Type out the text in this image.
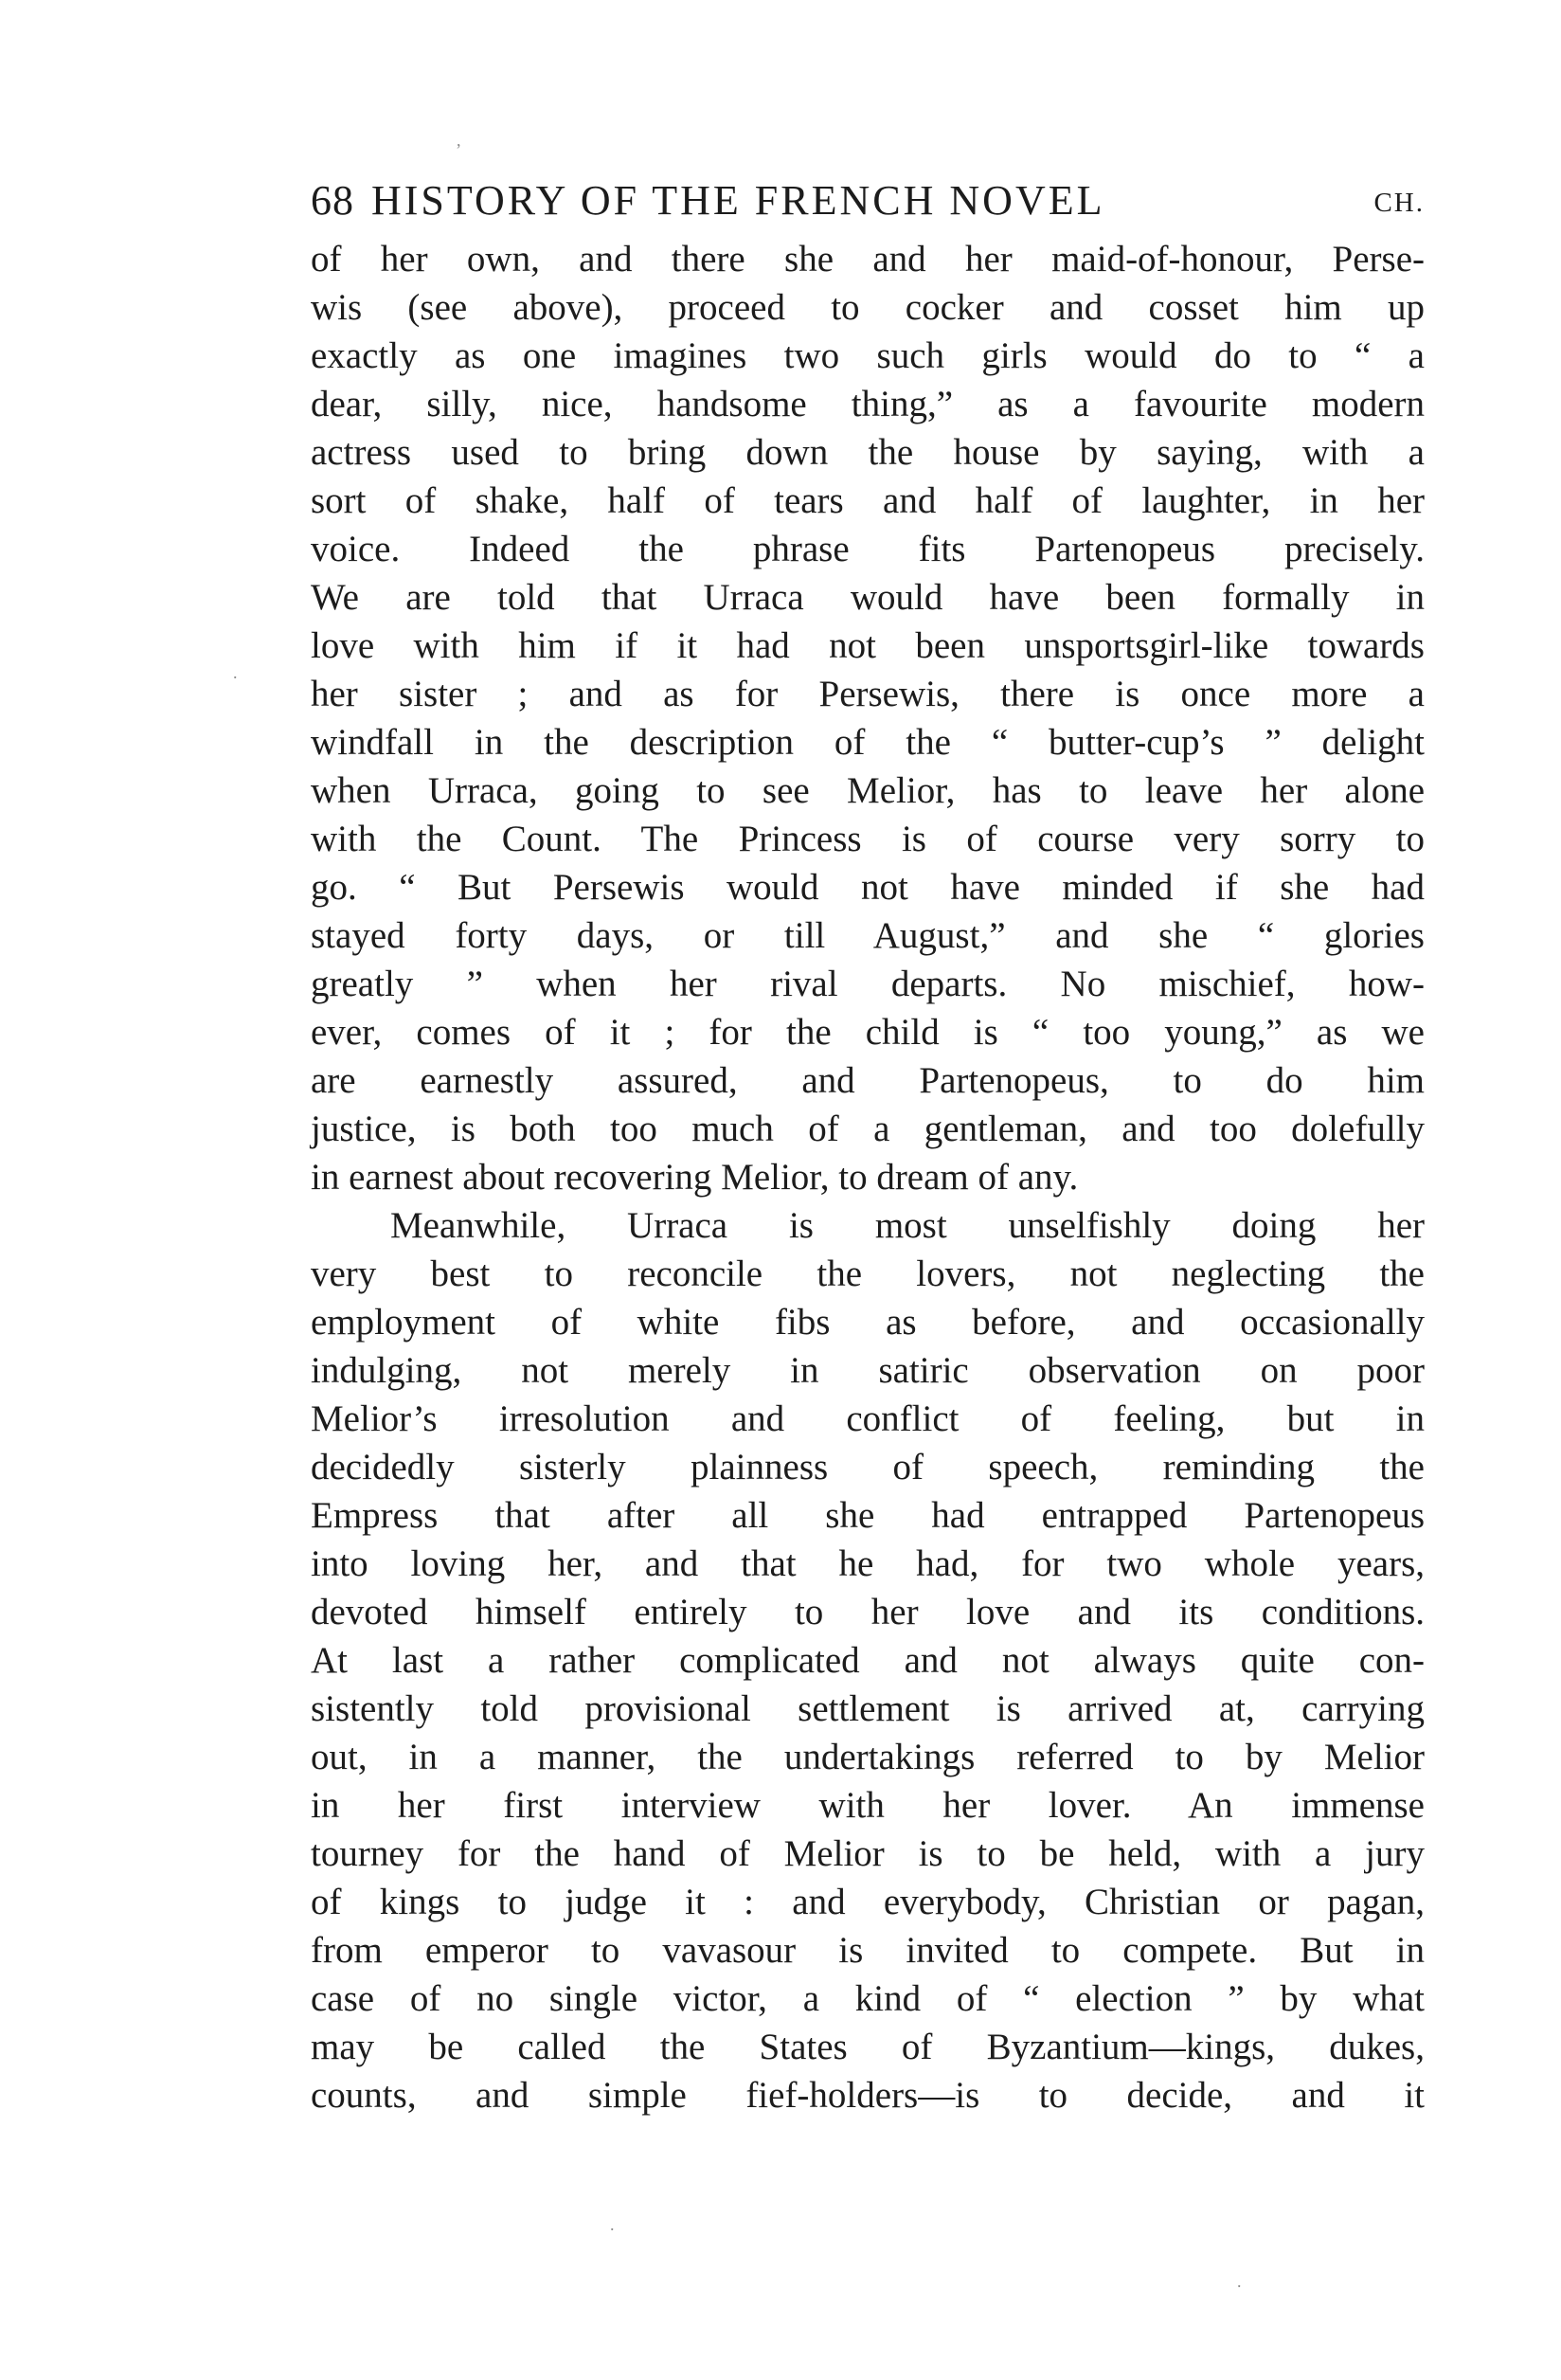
68 HISTORY OF THE FRENCH NOVEL	CH.
of her own, and there she and her maid-of-honour, Perse-
wis (see above), proceed to cocker and cosset him up
exactly as one imagines two such girls would do to “ a
dear, silly, nice, handsome thing,” as a favourite modern
actress used to bring down the house by saying, with a
sort of shake, half of tears and half of laughter, in her
voice. Indeed the phrase fits Partenopeus precisely.
We are told that Urraca would have been formally in
love with him if it had not been unsportsgirl-like towards
her sister ; and as for Persewis, there is once more a
windfall in the description of the “ butter-cup’s ” delight
when Urraca, going to see Melior, has to leave her alone
with the Count. The Princess is of course very sorry to
go. “ But Persewis would not have minded if she had
stayed forty days, or till August,” and she “ glories
greatly ” when her rival departs. No mischief, how-
ever, comes of it ; for the child is “ too young,” as we
are earnestly assured, and Partenopeus, to do him
justice, is both too much of a gentleman, and too dolefully
in earnest about recovering Melior, to dream of any.
Meanwhile, Urraca is most unselfishly doing her
very best to reconcile the lovers, not neglecting the
employment of white fibs as before, and occasionally
indulging, not merely in satiric observation on poor
Melior’s irresolution and conflict of feeling, but in
decidedly sisterly plainness of speech, reminding the
Empress that after all she had entrapped Partenopeus
into loving her, and that he had, for two whole years,
devoted himself entirely to her love and its conditions.
At last a rather complicated and not always quite con-
sistently told provisional settlement is arrived at, carrying
out, in a manner, the undertakings referred to by Melior
in her first interview with her lover. An immense
tourney for the hand of Melior is to be held, with a jury
of kings to judge it : and everybody, Christian or pagan,
from emperor to vavasour is invited to compete. But in
case of no single victor, a kind of “ election ” by what
may be called the States of Byzantium—kings, dukes,
counts, and simple fief-holders—is to decide, and it
,
.
.
.
